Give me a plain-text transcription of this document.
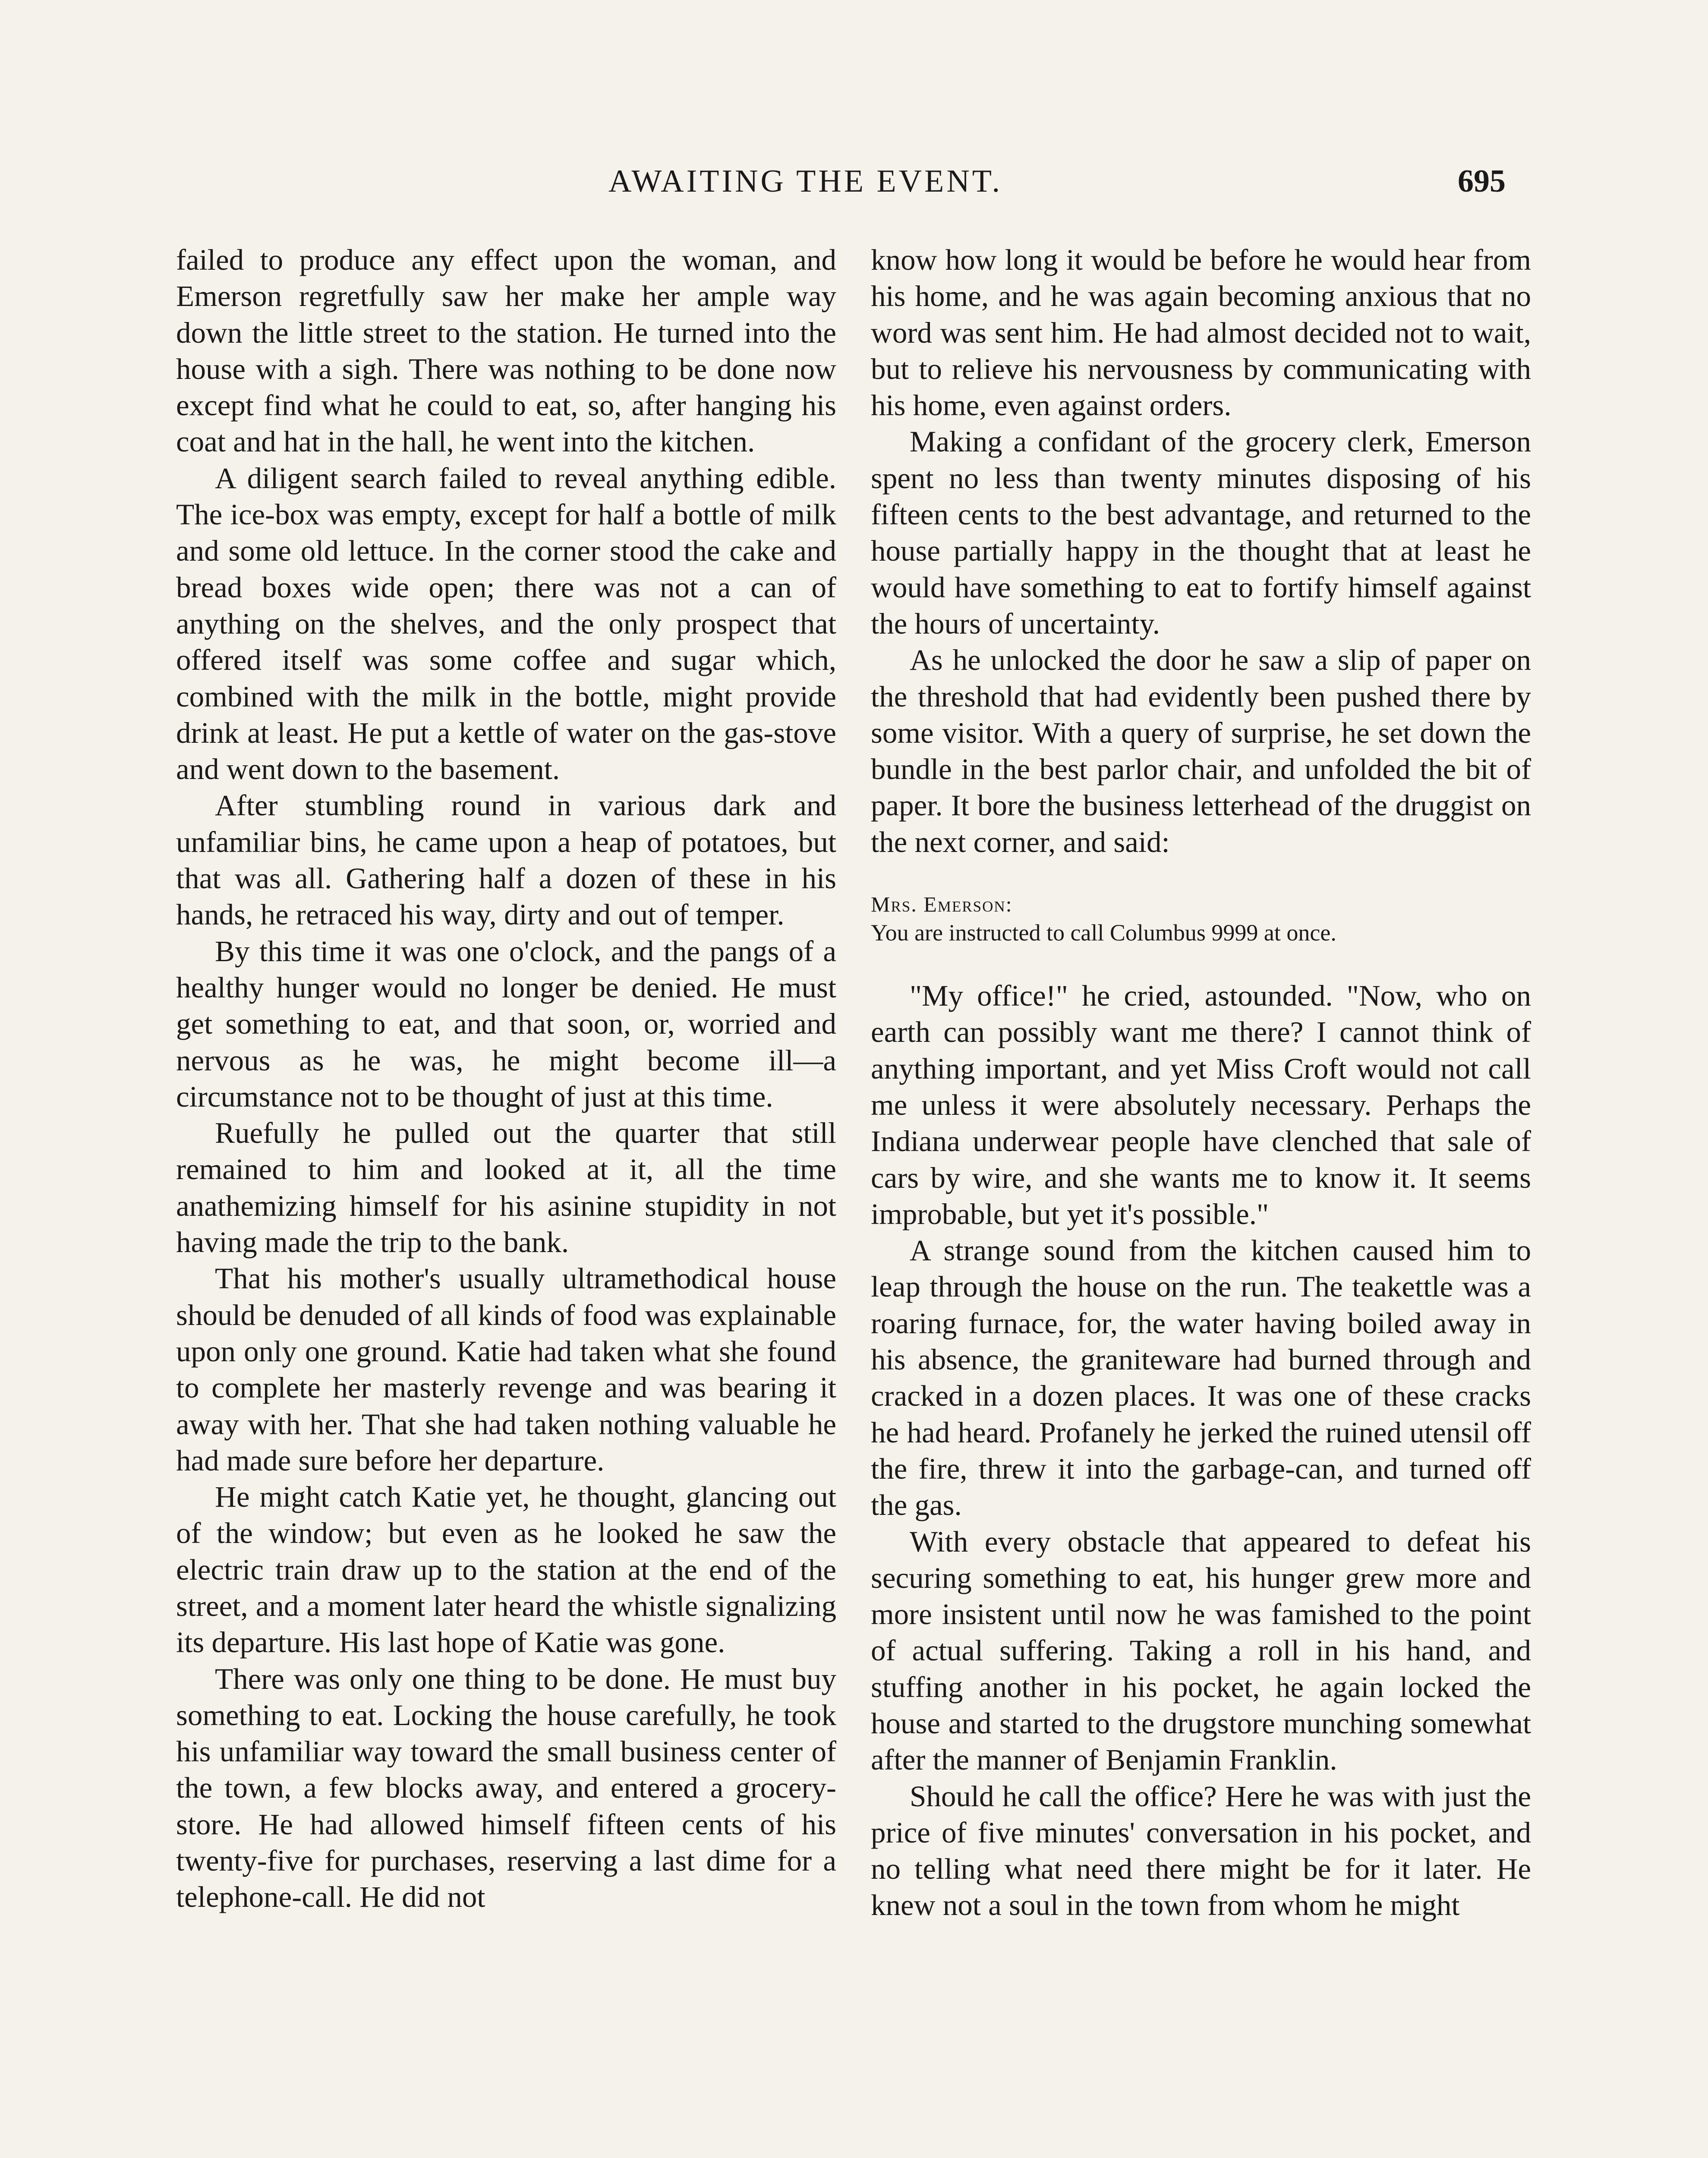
AWAITING THE EVENT.	695

failed to produce any effect upon the woman, and Emerson regretfully saw her make her ample way down the little street to the station. He turned into the house with a sigh. There was nothing to be done now except find what he could to eat, so, after hanging his coat and hat in the hall, he went into the kitchen.

A diligent search failed to reveal anything edible. The ice-box was empty, except for half a bottle of milk and some old lettuce. In the corner stood the cake and bread boxes wide open; there was not a can of anything on the shelves, and the only prospect that offered itself was some coffee and sugar which, combined with the milk in the bottle, might provide drink at least. He put a kettle of water on the gas-stove and went down to the basement.

After stumbling round in various dark and unfamiliar bins, he came upon a heap of potatoes, but that was all. Gathering half a dozen of these in his hands, he retraced his way, dirty and out of temper.

By this time it was one o'clock, and the pangs of a healthy hunger would no longer be denied. He must get something to eat, and that soon, or, worried and nervous as he was, he might become ill—a circumstance not to be thought of just at this time.

Ruefully he pulled out the quarter that still remained to him and looked at it, all the time anathemizing himself for his asinine stupidity in not having made the trip to the bank.

That his mother's usually ultramethodical house should be denuded of all kinds of food was explainable upon only one ground. Katie had taken what she found to complete her masterly revenge and was bearing it away with her. That she had taken nothing valuable he had made sure before her departure.

He might catch Katie yet, he thought, glancing out of the window; but even as he looked he saw the electric train draw up to the station at the end of the street, and a moment later heard the whistle signalizing its departure. His last hope of Katie was gone.

There was only one thing to be done. He must buy something to eat. Locking the house carefully, he took his unfamiliar way toward the small business center of the town, a few blocks away, and entered a grocery-store. He had allowed himself fifteen cents of his twenty-five for purchases, reserving a last dime for a telephone-call. He did not

know how long it would be before he would hear from his home, and he was again becoming anxious that no word was sent him. He had almost decided not to wait, but to relieve his nervousness by communicating with his home, even against orders.

Making a confidant of the grocery clerk, Emerson spent no less than twenty minutes disposing of his fifteen cents to the best advantage, and returned to the house partially happy in the thought that at least he would have something to eat to fortify himself against the hours of uncertainty.

As he unlocked the door he saw a slip of paper on the threshold that had evidently been pushed there by some visitor. With a query of surprise, he set down the bundle in the best parlor chair, and unfolded the bit of paper. It bore the business letterhead of the druggist on the next corner, and said:

Mrs. Emerson:

You are instructed to call Columbus 9999 at once.

"My office!" he cried, astounded. "Now, who on earth can possibly want me there? I cannot think of anything important, and yet Miss Croft would not call me unless it were absolutely necessary. Perhaps the Indiana underwear people have clenched that sale of cars by wire, and she wants me to know it. It seems improbable, but yet it's possible."

A strange sound from the kitchen caused him to leap through the house on the run. The teakettle was a roaring furnace, for, the water having boiled away in his absence, the graniteware had burned through and cracked in a dozen places. It was one of these cracks he had heard. Profanely he jerked the ruined utensil off the fire, threw it into the garbage-can, and turned off the gas.

With every obstacle that appeared to defeat his securing something to eat, his hunger grew more and more insistent until now he was famished to the point of actual suffering. Taking a roll in his hand, and stuffing another in his pocket, he again locked the house and started to the drugstore munching somewhat after the manner of Benjamin Franklin.

Should he call the office? Here he was with just the price of five minutes' conversation in his pocket, and no telling what need there might be for it later. He knew not a soul in the town from whom he might
